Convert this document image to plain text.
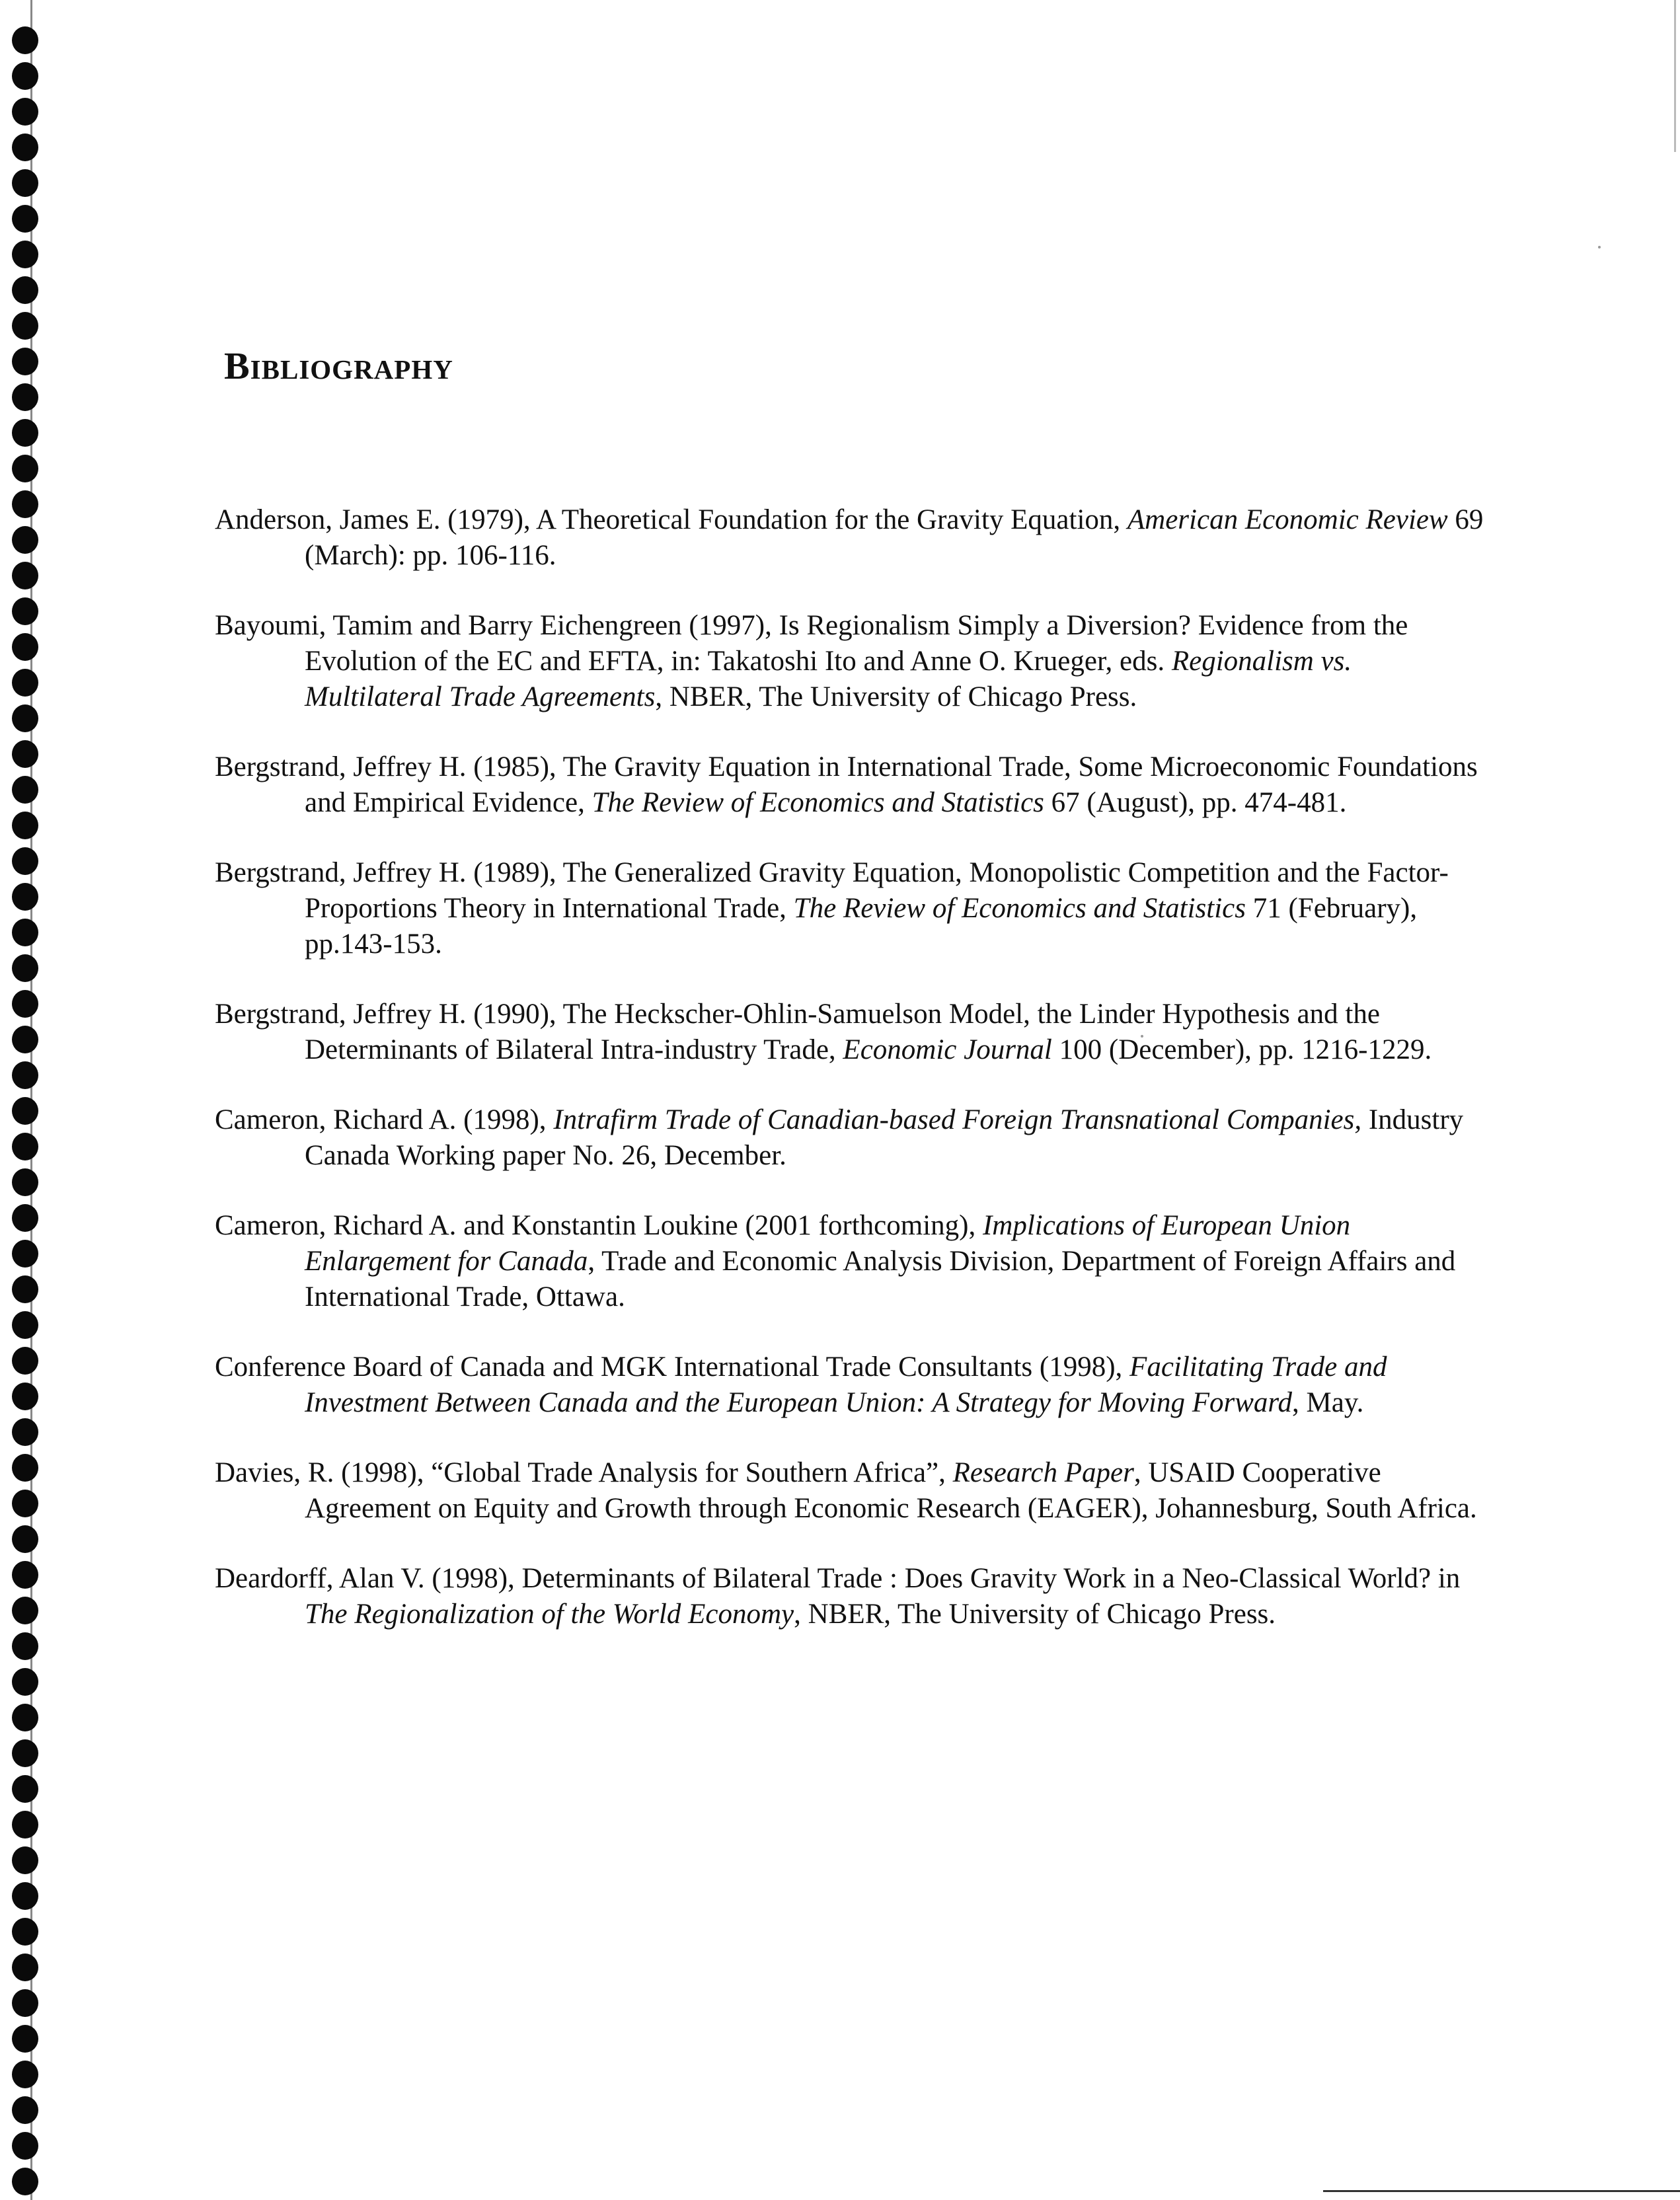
Bibliography

Anderson, James E. (1979), A Theoretical Foundation for the Gravity Equation, American Economic Review 69 (March): pp. 106-116.

Bayoumi, Tamim and Barry Eichengreen (1997), Is Regionalism Simply a Diversion? Evidence from the Evolution of the EC and EFTA, in: Takatoshi Ito and Anne O. Krueger, eds. Regionalism vs. Multilateral Trade Agreements, NBER, The University of Chicago Press.

Bergstrand, Jeffrey H. (1985), The Gravity Equation in International Trade, Some Microeconomic Foundations and Empirical Evidence, The Review of Economics and Statistics 67 (August), pp. 474-481.

Bergstrand, Jeffrey H. (1989), The Generalized Gravity Equation, Monopolistic Competition and the Factor-Proportions Theory in International Trade, The Review of Economics and Statistics 71 (February), pp.143-153.

Bergstrand, Jeffrey H. (1990), The Heckscher-Ohlin-Samuelson Model, the Linder Hypothesis and the Determinants of Bilateral Intra-industry Trade, Economic Journal 100 (December), pp. 1216-1229.

Cameron, Richard A. (1998), Intrafirm Trade of Canadian-based Foreign Transnational Companies, Industry Canada Working paper No. 26, December.

Cameron, Richard A. and Konstantin Loukine (2001 forthcoming), Implications of European Union Enlargement for Canada, Trade and Economic Analysis Division, Department of Foreign Affairs and International Trade, Ottawa.

Conference Board of Canada and MGK International Trade Consultants (1998), Facilitating Trade and Investment Between Canada and the European Union: A Strategy for Moving Forward, May.

Davies, R. (1998), “Global Trade Analysis for Southern Africa”, Research Paper, USAID Cooperative Agreement on Equity and Growth through Economic Research (EAGER), Johannesburg, South Africa.

Deardorff, Alan V. (1998), Determinants of Bilateral Trade : Does Gravity Work in a Neo-Classical World? in The Regionalization of the World Economy, NBER, The University of Chicago Press.
